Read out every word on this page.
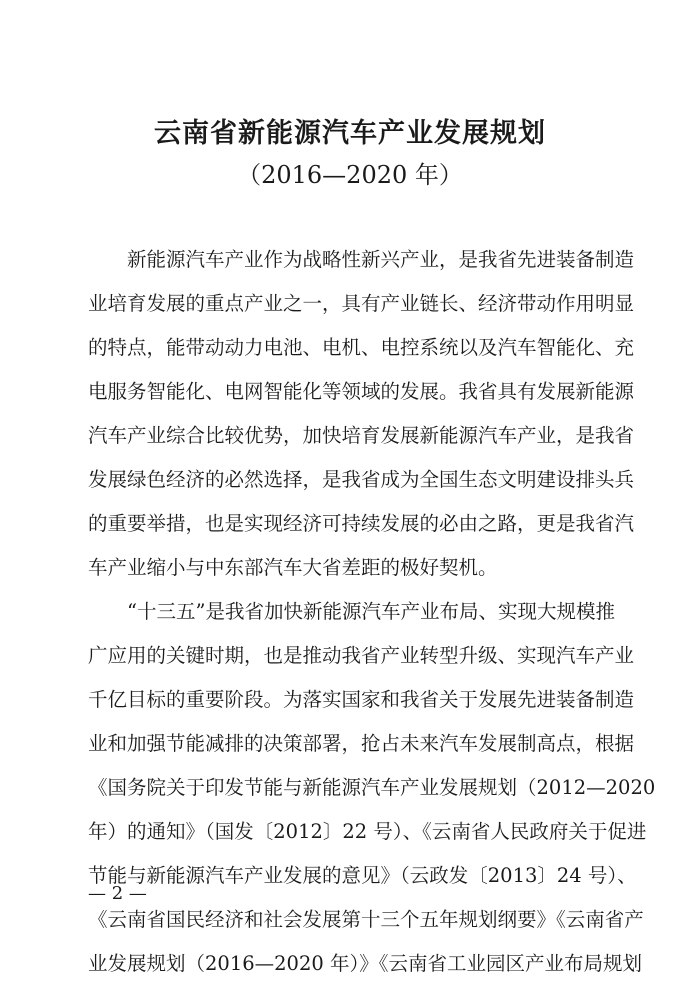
云南省新能源汽车产业发展规划

（2016—2020 年）

新能源汽车产业作为战略性新兴产业，是我省先进装备制造
业培育发展的重点产业之一，具有产业链长、经济带动作用明显
的特点，能带动动力电池、电机、电控系统以及汽车智能化、充
电服务智能化、电网智能化等领域的发展。我省具有发展新能源
汽车产业综合比较优势，加快培育发展新能源汽车产业，是我省
发展绿色经济的必然选择，是我省成为全国生态文明建设排头兵
的重要举措，也是实现经济可持续发展的必由之路，更是我省汽
车产业缩小与中东部汽车大省差距的极好契机。
“十三五”是我省加快新能源汽车产业布局、实现大规模推
广应用的关键时期，也是推动我省产业转型升级、实现汽车产业
千亿目标的重要阶段。为落实国家和我省关于发展先进装备制造
业和加强节能减排的决策部署，抢占未来汽车发展制高点，根据
《国务院关于印发节能与新能源汽车产业发展规划（2012—2020
年）的通知》（国发〔2012〕22 号）、《云南省人民政府关于促进
节能与新能源汽车产业发展的意见》（云政发〔2013〕24 号）、
《云南省国民经济和社会发展第十三个五年规划纲要》《云南省产
业发展规划（2016—2020 年）》《云南省工业园区产业布局规划
— 2 —
